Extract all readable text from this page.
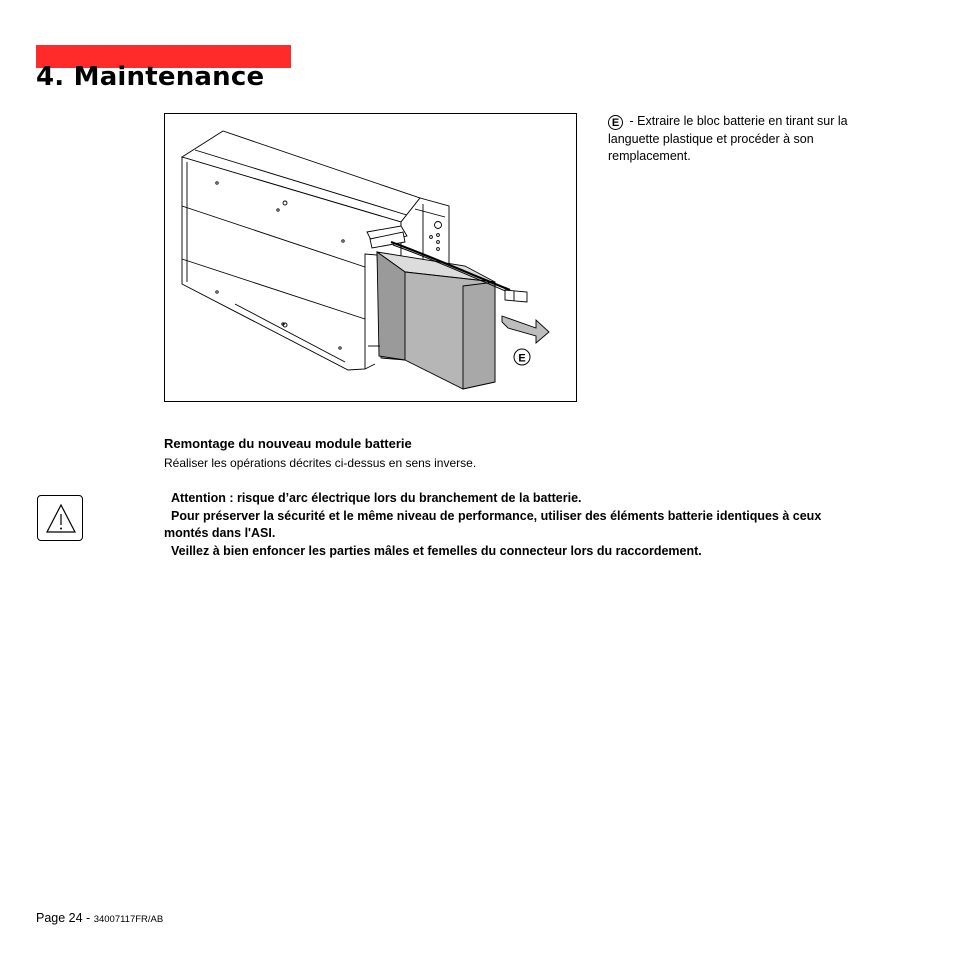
4. Maintenance
E
E - Extraire le bloc batterie en tirant sur la languette plastique et procéder à son remplacement.
Remontage du nouveau module batterie
Réaliser les opérations décrites ci-dessus en sens inverse.
Attention : risque d’arc électrique lors du branchement de la batterie.
Pour préserver la sécurité et le même niveau de performance, utiliser des éléments batterie identiques à ceux montés dans l'ASI.
Veillez à bien enfoncer les parties mâles et femelles du connecteur lors du raccordement.
Page 24 - 34007117FR/AB
